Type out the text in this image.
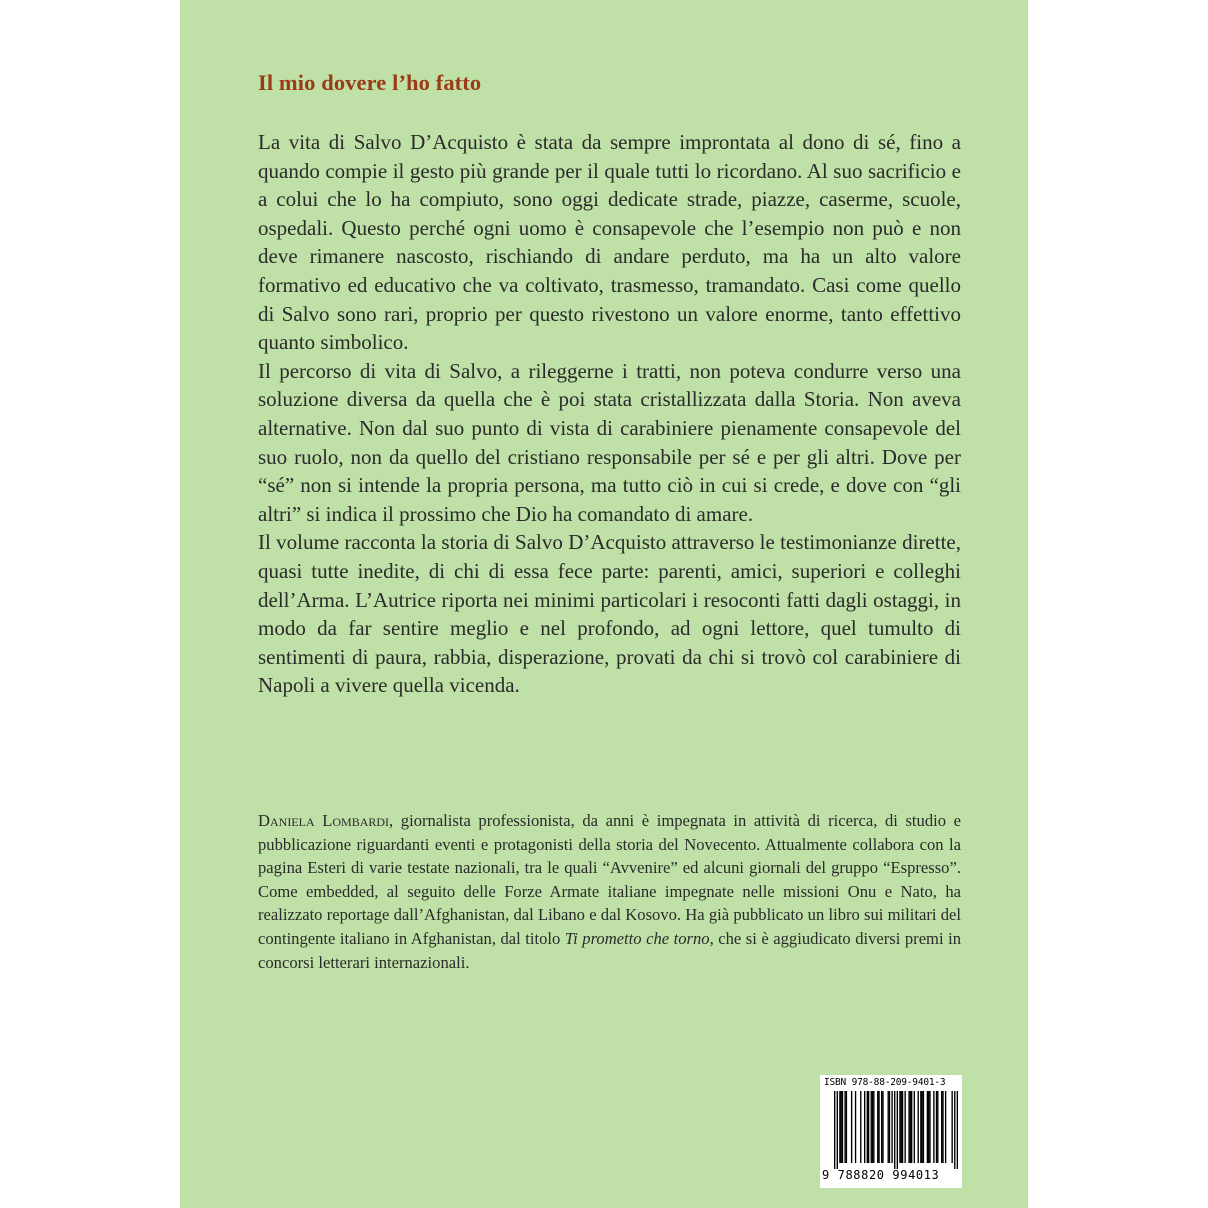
Il mio dovere l’ho fatto

La vita di Salvo D’Acquisto è stata da sempre improntata al dono di sé, fino a quando compie il gesto più grande per il quale tutti lo ricordano. Al suo sacrificio e a colui che lo ha compiuto, sono oggi dedicate strade, piazze, caserme, scuole, ospedali. Questo perché ogni uomo è consapevole che l’esempio non può e non deve rimanere nascosto, rischiando di andare perduto, ma ha un alto valore formativo ed educativo che va coltivato, trasmesso, tramandato. Casi come quello di Salvo sono rari, proprio per questo rivestono un valore enorme, tanto effettivo quanto simbolico.

Il percorso di vita di Salvo, a rileggerne i tratti, non poteva condurre verso una soluzione diversa da quella che è poi stata cristallizzata dalla Storia. Non aveva alternative. Non dal suo punto di vista di carabiniere pienamente consapevole del suo ruolo, non da quello del cristiano responsabile per sé e per gli altri. Dove per “sé” non si intende la propria persona, ma tutto ciò in cui si crede, e dove con “gli altri” si indica il prossimo che Dio ha comandato di amare.

Il volume racconta la storia di Salvo D’Acquisto attraverso le testimonianze dirette, quasi tutte inedite, di chi di essa fece parte: parenti, amici, superiori e colleghi dell’Arma. L’Autrice riporta nei minimi particolari i resoconti fatti dagli ostaggi, in modo da far sentire meglio e nel profondo, ad ogni lettore, quel tumulto di sentimenti di paura, rabbia, disperazione, provati da chi si trovò col carabiniere di Napoli a vivere quella vicenda.

Daniela Lombardi, giornalista professionista, da anni è impegnata in attività di ricerca, di studio e pubblicazione riguardanti eventi e protagonisti della storia del Novecento. Attualmente collabora con la pagina Esteri di varie testate nazionali, tra le quali “Avvenire” ed alcuni giornali del gruppo “Espresso”. Come embedded, al seguito delle Forze Armate italiane impegnate nelle missioni Onu e Nato, ha realizzato reportage dall’Afghanistan, dal Libano e dal Kosovo. Ha già pubblicato un libro sui militari del contingente italiano in Afghanistan, dal titolo Ti prometto che torno, che si è aggiudicato diversi premi in concorsi letterari internazionali.

ISBN 978-88-209-9401-3
9 788820 994013
